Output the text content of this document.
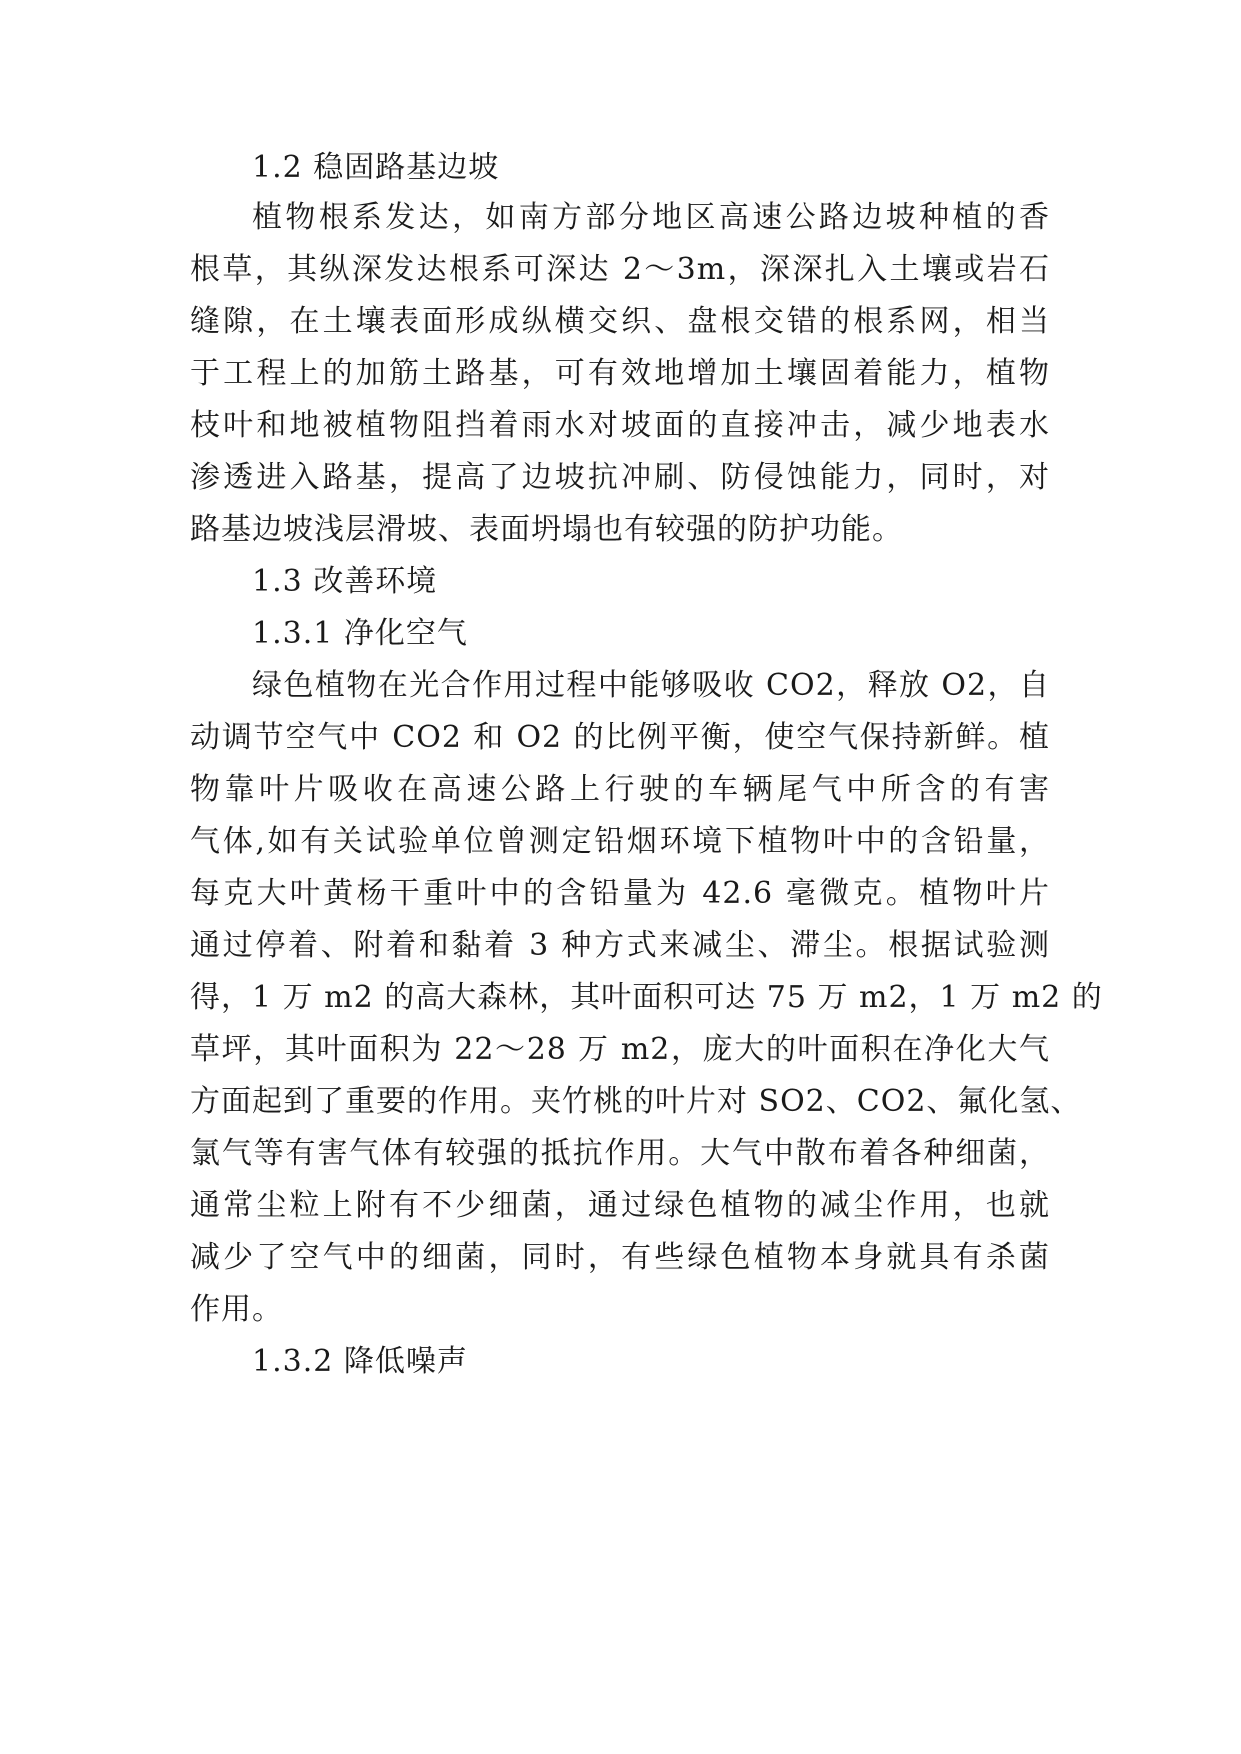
1.2 稳固路基边坡
植物根系发达，如南方部分地区高速公路边坡种植的香
根草，其纵深发达根系可深达 2～3m，深深扎入土壤或岩石
缝隙，在土壤表面形成纵横交织、盘根交错的根系网，相当
于工程上的加筋土路基，可有效地增加土壤固着能力，植物
枝叶和地被植物阻挡着雨水对坡面的直接冲击，减少地表水
渗透进入路基，提高了边坡抗冲刷、防侵蚀能力，同时，对
路基边坡浅层滑坡、表面坍塌也有较强的防护功能。
1.3 改善环境
1.3.1 净化空气
绿色植物在光合作用过程中能够吸收 CO2，释放 O2，自
动调节空气中 CO2 和 O2 的比例平衡，使空气保持新鲜。植
物靠叶片吸收在高速公路上行驶的车辆尾气中所含的有害
气体,如有关试验单位曾测定铅烟环境下植物叶中的含铅量，
每克大叶黄杨干重叶中的含铅量为 42.6 毫微克。植物叶片
通过停着、附着和黏着 3 种方式来减尘、滞尘。根据试验测
得，1 万 m2 的高大森林，其叶面积可达 75 万 m2，1 万 m2 的
草坪，其叶面积为 22～28 万 m2，庞大的叶面积在净化大气
方面起到了重要的作用。夹竹桃的叶片对 SO2、CO2、氟化氢、
氯气等有害气体有较强的抵抗作用。大气中散布着各种细菌，
通常尘粒上附有不少细菌，通过绿色植物的减尘作用，也就
减少了空气中的细菌，同时，有些绿色植物本身就具有杀菌
作用。
1.3.2 降低噪声
